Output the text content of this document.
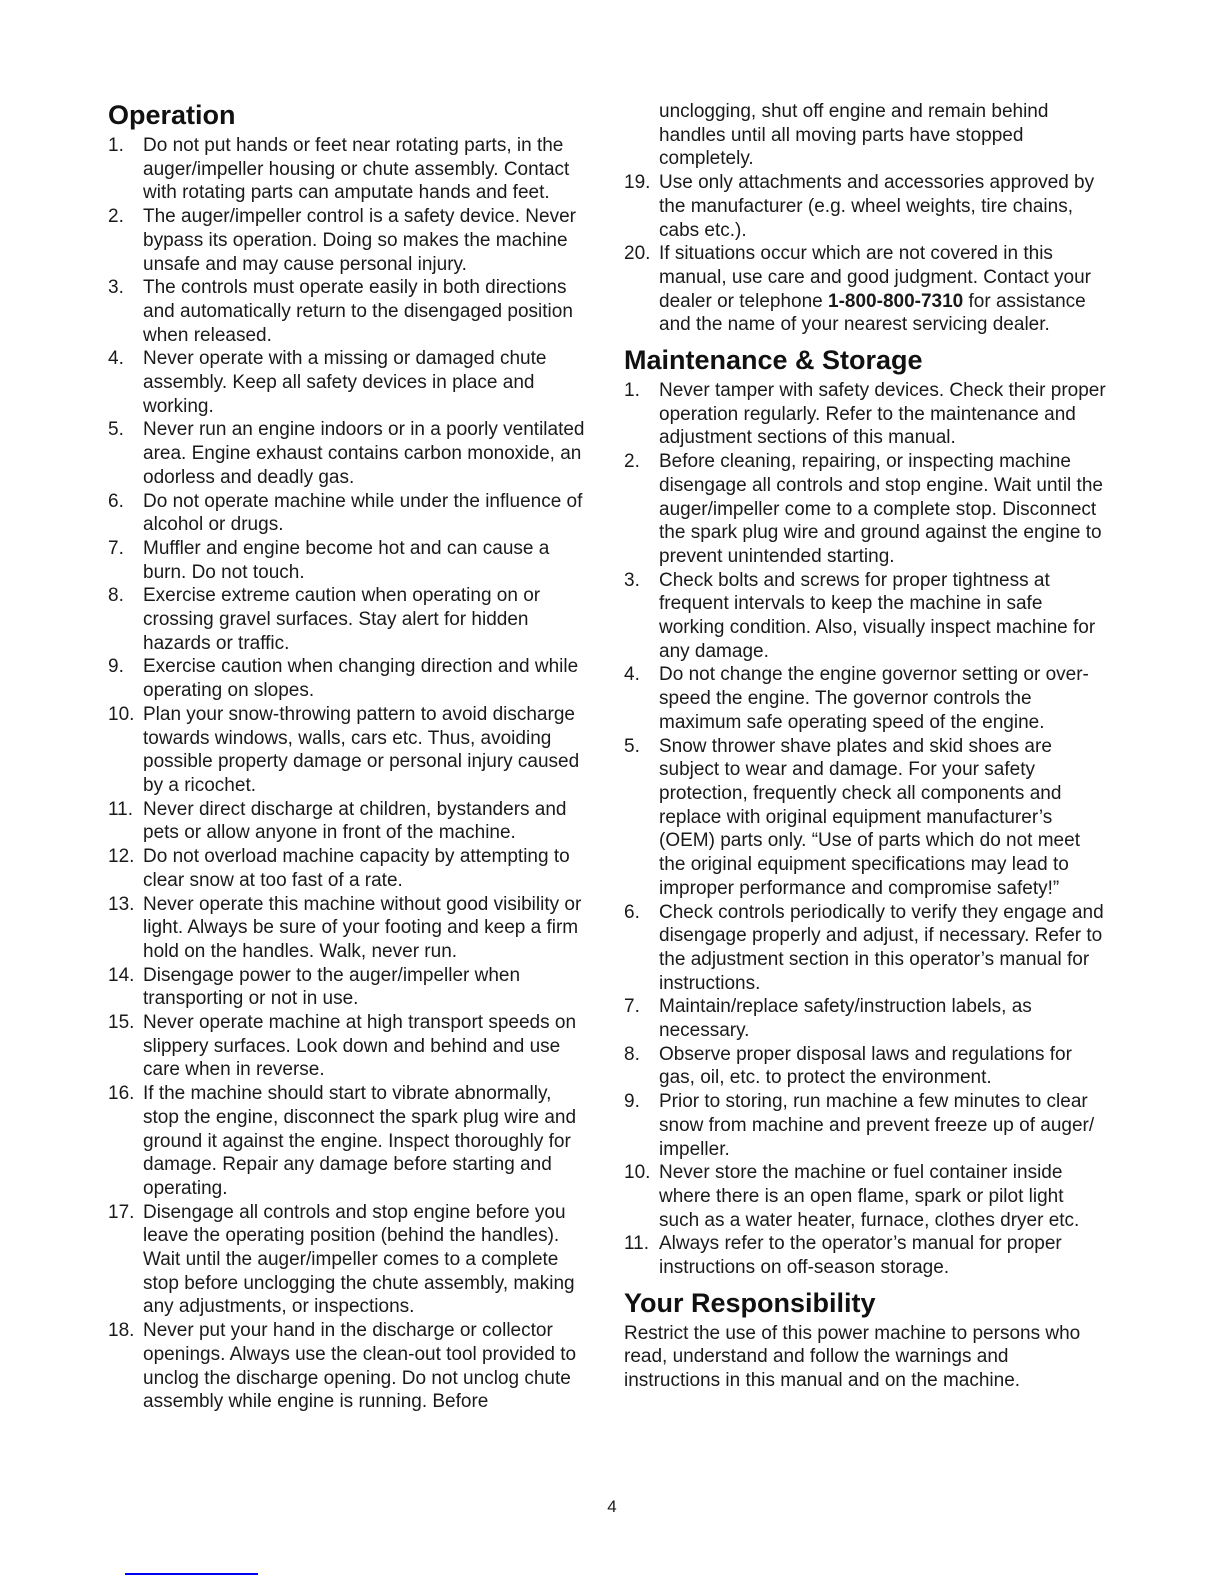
Operation
1. Do not put hands or feet near rotating parts, in the auger/impeller housing or chute assembly. Contact with rotating parts can amputate hands and feet.
2. The auger/impeller control is a safety device. Never bypass its operation. Doing so makes the machine unsafe and may cause personal injury.
3. The controls must operate easily in both directions and automatically return to the disengaged position when released.
4. Never operate with a missing or damaged chute assembly. Keep all safety devices in place and working.
5. Never run an engine indoors or in a poorly ventilated area. Engine exhaust contains carbon monoxide, an odorless and deadly gas.
6. Do not operate machine while under the influence of alcohol or drugs.
7. Muffler and engine become hot and can cause a burn. Do not touch.
8. Exercise extreme caution when operating on or crossing gravel surfaces. Stay alert for hidden hazards or traffic.
9. Exercise caution when changing direction and while operating on slopes.
10. Plan your snow-throwing pattern to avoid discharge towards windows, walls, cars etc. Thus, avoiding possible property damage or personal injury caused by a ricochet.
11. Never direct discharge at children, bystanders and pets or allow anyone in front of the machine.
12. Do not overload machine capacity by attempting to clear snow at too fast of a rate.
13. Never operate this machine without good visibility or light. Always be sure of your footing and keep a firm hold on the handles. Walk, never run.
14. Disengage power to the auger/impeller when transporting or not in use.
15. Never operate machine at high transport speeds on slippery surfaces. Look down and behind and use care when in reverse.
16. If the machine should start to vibrate abnormally, stop the engine, disconnect the spark plug wire and ground it against the engine. Inspect thoroughly for damage. Repair any damage before starting and operating.
17. Disengage all controls and stop engine before you leave the operating position (behind the handles). Wait until the auger/impeller comes to a complete stop before unclogging the chute assembly, making any adjustments, or inspections.
18. Never put your hand in the discharge or collector openings. Always use the clean-out tool provided to unclog the discharge opening. Do not unclog chute assembly while engine is running. Before

unclogging, shut off engine and remain behind handles until all moving parts have stopped completely.

19. Use only attachments and accessories approved by the manufacturer (e.g. wheel weights, tire chains, cabs etc.).
20. If situations occur which are not covered in this manual, use care and good judgment. Contact your dealer or telephone 1-800-800-7310 for assistance and the name of your nearest servicing dealer.
Maintenance & Storage
1. Never tamper with safety devices. Check their proper operation regularly. Refer to the maintenance and adjustment sections of this manual.
2. Before cleaning, repairing, or inspecting machine disengage all controls and stop engine. Wait until the auger/impeller come to a complete stop. Disconnect the spark plug wire and ground against the engine to prevent unintended starting.
3. Check bolts and screws for proper tightness at frequent intervals to keep the machine in safe working condition. Also, visually inspect machine for any damage.
4. Do not change the engine governor setting or over-speed the engine. The governor controls the maximum safe operating speed of the engine.
5. Snow thrower shave plates and skid shoes are subject to wear and damage. For your safety protection, frequently check all components and replace with original equipment manufacturer’s (OEM) parts only. “Use of parts which do not meet the original equipment specifications may lead to improper performance and compromise safety!”
6. Check controls periodically to verify they engage and disengage properly and adjust, if necessary. Refer to the adjustment section in this operator’s manual for instructions.
7. Maintain/replace safety/instruction labels, as necessary.
8. Observe proper disposal laws and regulations for gas, oil, etc. to protect the environment.
9. Prior to storing, run machine a few minutes to clear snow from machine and prevent freeze up of auger/ impeller.
10. Never store the machine or fuel container inside where there is an open flame, spark or pilot light such as a water heater, furnace, clothes dryer etc.
11. Always refer to the operator’s manual for proper instructions on off-season storage.
Your Responsibility

Restrict the use of this power machine to persons who read, understand and follow the warnings and instructions in this manual and on the machine.

4
